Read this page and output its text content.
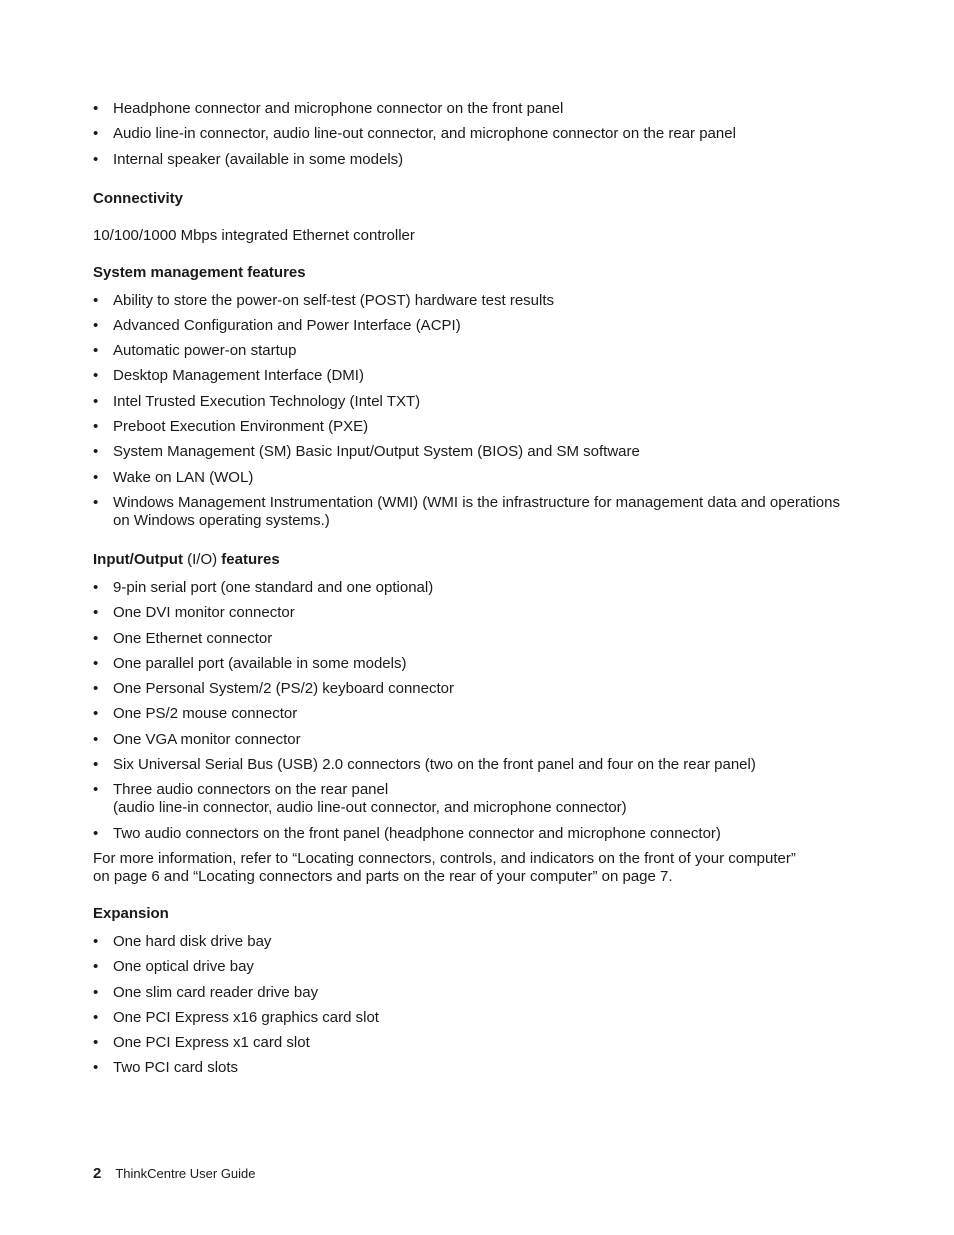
• Headphone connector and microphone connector on the front panel
• Audio line-in connector, audio line-out connector, and microphone connector on the rear panel
• Internal speaker (available in some models)
Connectivity

10/100/1000 Mbps integrated Ethernet controller

System management features
• Ability to store the power-on self-test (POST) hardware test results
• Advanced Configuration and Power Interface (ACPI)
• Automatic power-on startup
• Desktop Management Interface (DMI)
• Intel Trusted Execution Technology (Intel TXT)
• Preboot Execution Environment (PXE)
• System Management (SM) Basic Input/Output System (BIOS) and SM software
• Wake on LAN (WOL)
• Windows Management Instrumentation (WMI) (WMI is the infrastructure for management data and operations on Windows operating systems.)
Input/Output (I/O) features
• 9-pin serial port (one standard and one optional)
• One DVI monitor connector
• One Ethernet connector
• One parallel port (available in some models)
• One Personal System/2 (PS/2) keyboard connector
• One PS/2 mouse connector
• One VGA monitor connector
• Six Universal Serial Bus (USB) 2.0 connectors (two on the front panel and four on the rear panel)
• Three audio connectors on the rear panel
(audio line-in connector, audio line-out connector, and microphone connector)
• Two audio connectors on the front panel (headphone connector and microphone connector)

For more information, refer to “Locating connectors, controls, and indicators on the front of your computer”
on page 6 and “Locating connectors and parts on the rear of your computer” on page 7.

Expansion
• One hard disk drive bay
• One optical drive bay
• One slim card reader drive bay
• One PCI Express x16 graphics card slot
• One PCI Express x1 card slot
• Two PCI card slots
2 ThinkCentre User Guide
